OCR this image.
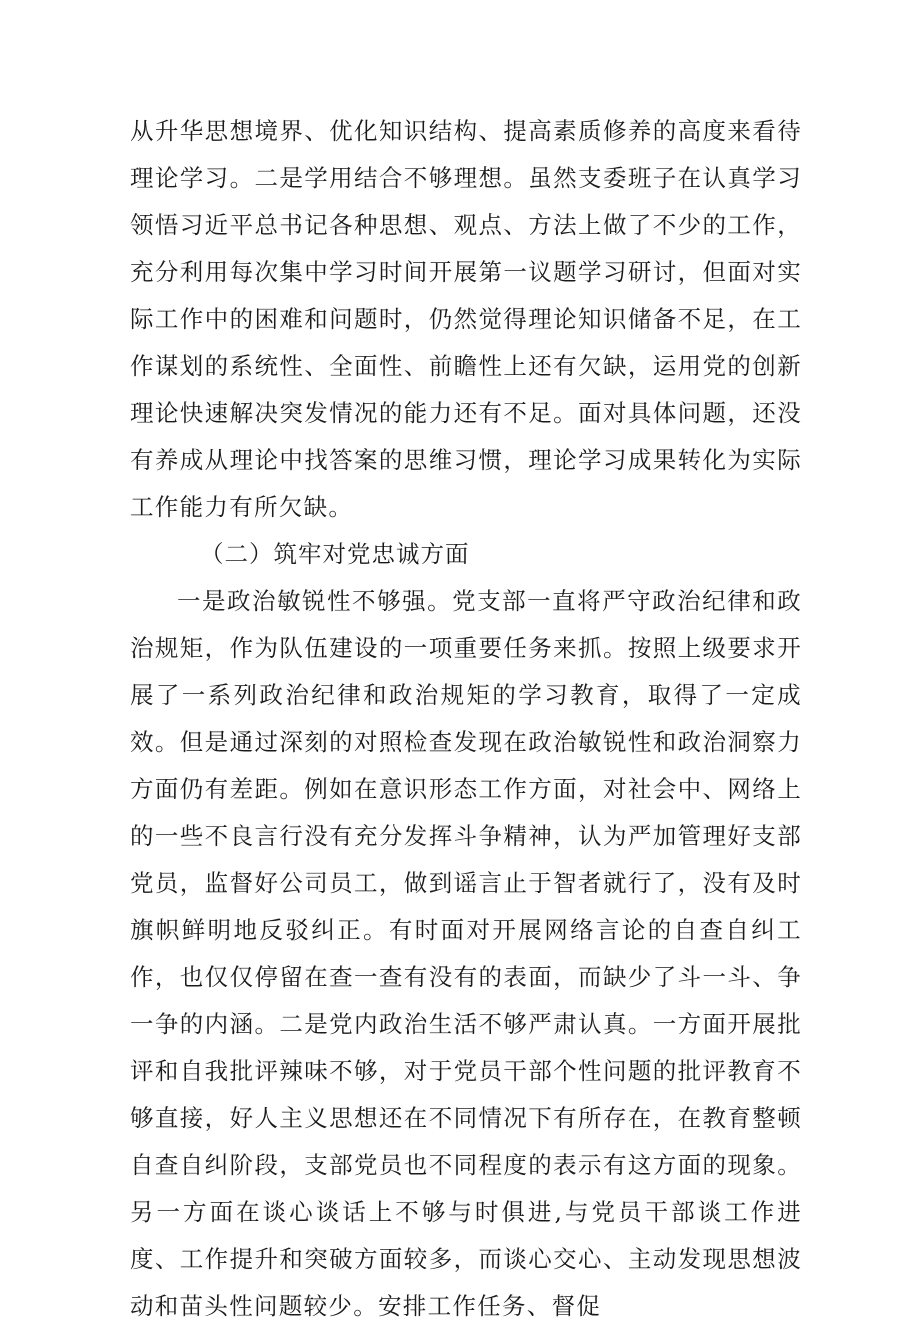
从升华思想境界、优化知识结构、提高素质修养的高度来看待理论学习。二是学用结合不够理想。虽然支委班子在认真学习领悟习近平总书记各种思想、观点、方法上做了不少的工作，充分利用每次集中学习时间开展第一议题学习研讨，但面对实际工作中的困难和问题时，仍然觉得理论知识储备不足，在工作谋划的系统性、全面性、前瞻性上还有欠缺，运用党的创新理论快速解决突发情况的能力还有不足。面对具体问题，还没有养成从理论中找答案的思维习惯，理论学习成果转化为实际工作能力有所欠缺。

（二）筑牢对党忠诚方面

一是政治敏锐性不够强。党支部一直将严守政治纪律和政治规矩，作为队伍建设的一项重要任务来抓。按照上级要求开展了一系列政治纪律和政治规矩的学习教育，取得了一定成效。但是通过深刻的对照检查发现在政治敏锐性和政治洞察力方面仍有差距。例如在意识形态工作方面，对社会中、网络上的一些不良言行没有充分发挥斗争精神，认为严加管理好支部党员，监督好公司员工，做到谣言止于智者就行了，没有及时旗帜鲜明地反驳纠正。有时面对开展网络言论的自查自纠工作，也仅仅停留在查一查有没有的表面，而缺少了斗一斗、争一争的内涵。二是党内政治生活不够严肃认真。一方面开展批评和自我批评辣味不够，对于党员干部个性问题的批评教育不够直接，好人主义思想还在不同情况下有所存在，在教育整顿自查自纠阶段，支部党员也不同程度的表示有这方面的现象。另一方面在谈心谈话上不够与时俱进,与党员干部谈工作进度、工作提升和突破方面较多，而谈心交心、主动发现思想波动和苗头性问题较少。安排工作任务、督促
